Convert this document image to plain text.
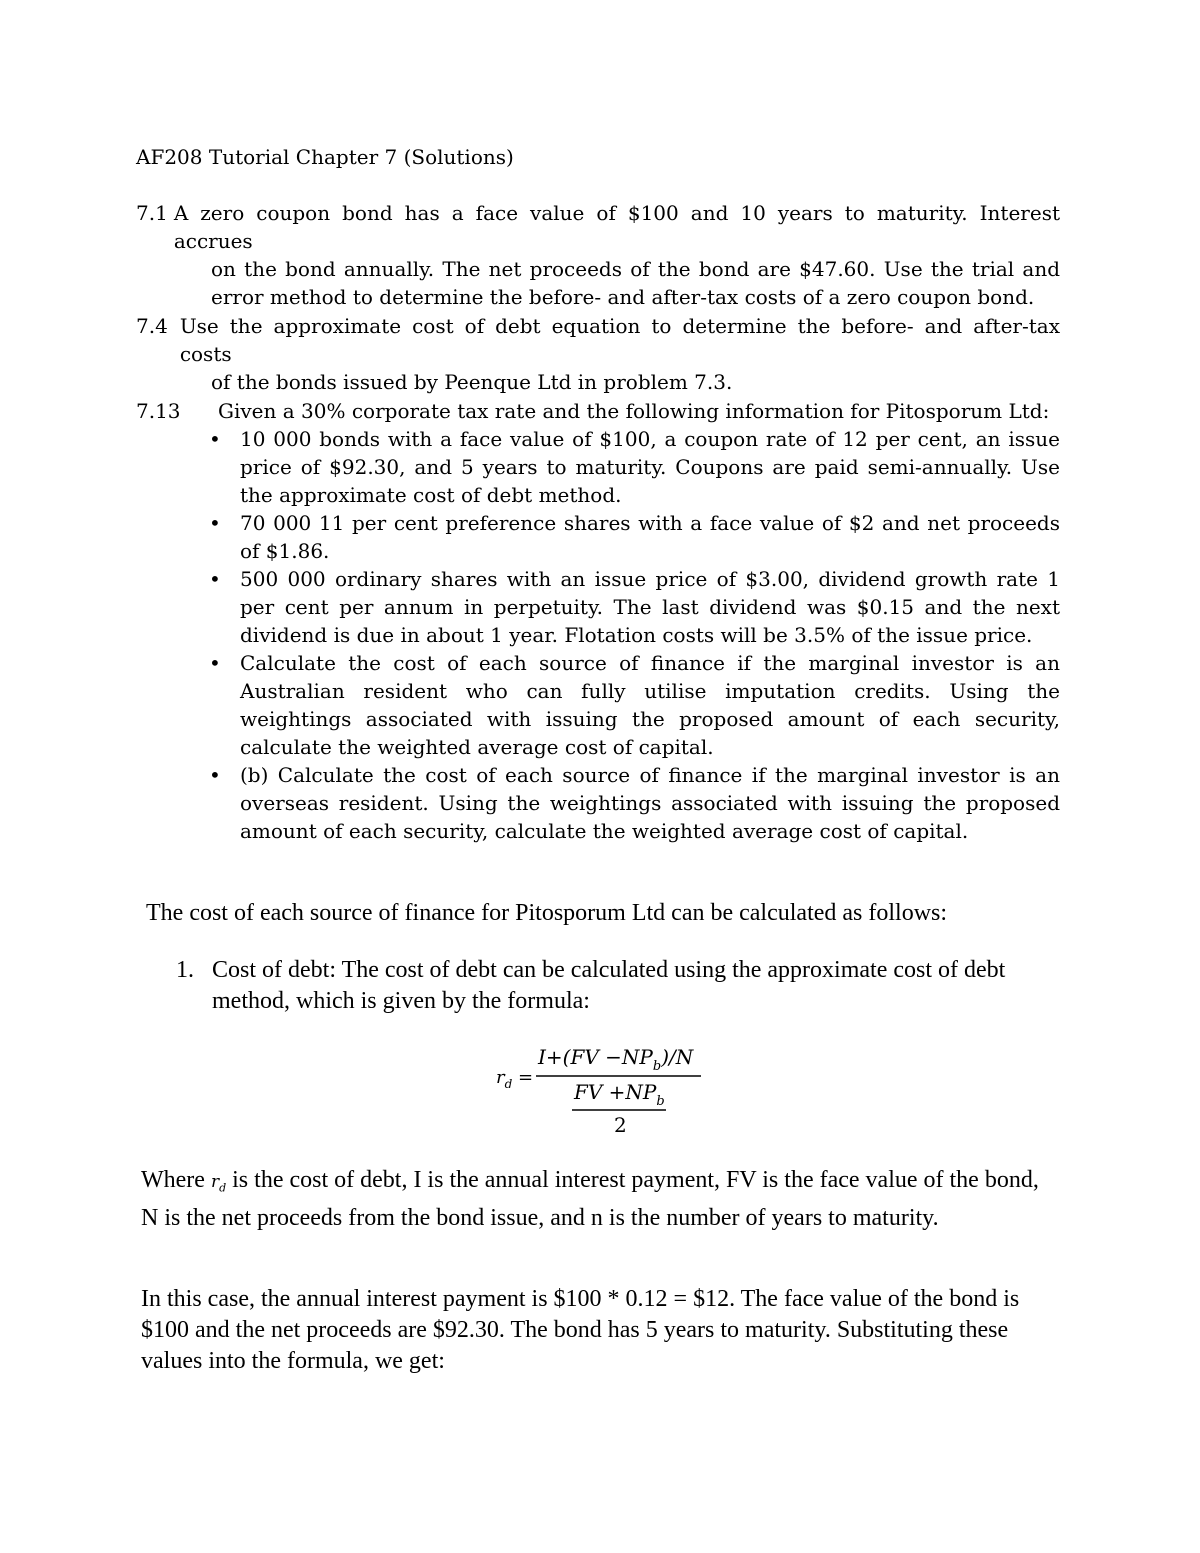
AF208 Tutorial Chapter 7 (Solutions)
7.1 A zero coupon bond has a face value of $100 and 10 years to maturity. Interest accrues
on the bond annually. The net proceeds of the bond are $47.60. Use the trial and
error method to determine the before- and after-tax costs of a zero coupon bond.
7.4 Use the approximate cost of debt equation to determine the before- and after-tax costs
of the bonds issued by Peenque Ltd in problem 7.3.
7.13	Given a 30% corporate tax rate and the following information for Pitosporum Ltd:
• 10 000 bonds with a face value of $100, a coupon rate of 12 per cent, an issue price of $92.30, and 5 years to maturity. Coupons are paid semi-annually. Use the approximate cost of debt method.
• 70 000 11 per cent preference shares with a face value of $2 and net proceeds of $1.86.
• 500 000 ordinary shares with an issue price of $3.00, dividend growth rate 1 per cent per annum in perpetuity. The last dividend was $0.15 and the next dividend is due in about 1 year. Flotation costs will be 3.5% of the issue price.
• Calculate the cost of each source of finance if the marginal investor is an Australian resident who can fully utilise imputation credits. Using the weightings associated with issuing the proposed amount of each security, calculate the weighted average cost of capital.
• (b) Calculate the cost of each source of finance if the marginal investor is an overseas resident. Using the weightings associated with issuing the proposed amount of each security, calculate the weighted average cost of capital.
The cost of each source of finance for Pitosporum Ltd can be calculated as follows:
1. Cost of debt: The cost of debt can be calculated using the approximate cost of debt method, which is given by the formula:
$r_d$ =
$I+(FV -NP_b)/N$
FV $+NP_b$
2
Where $r_d$ is the cost of debt, I is the annual interest payment, FV is the face value of the bond, N is the net proceeds from the bond issue, and n is the number of years to maturity.
In this case, the annual interest payment is $100 * 0.12 = $12. The face value of the bond is $100 and the net proceeds are $92.30. The bond has 5 years to maturity. Substituting these values into the formula, we get:
